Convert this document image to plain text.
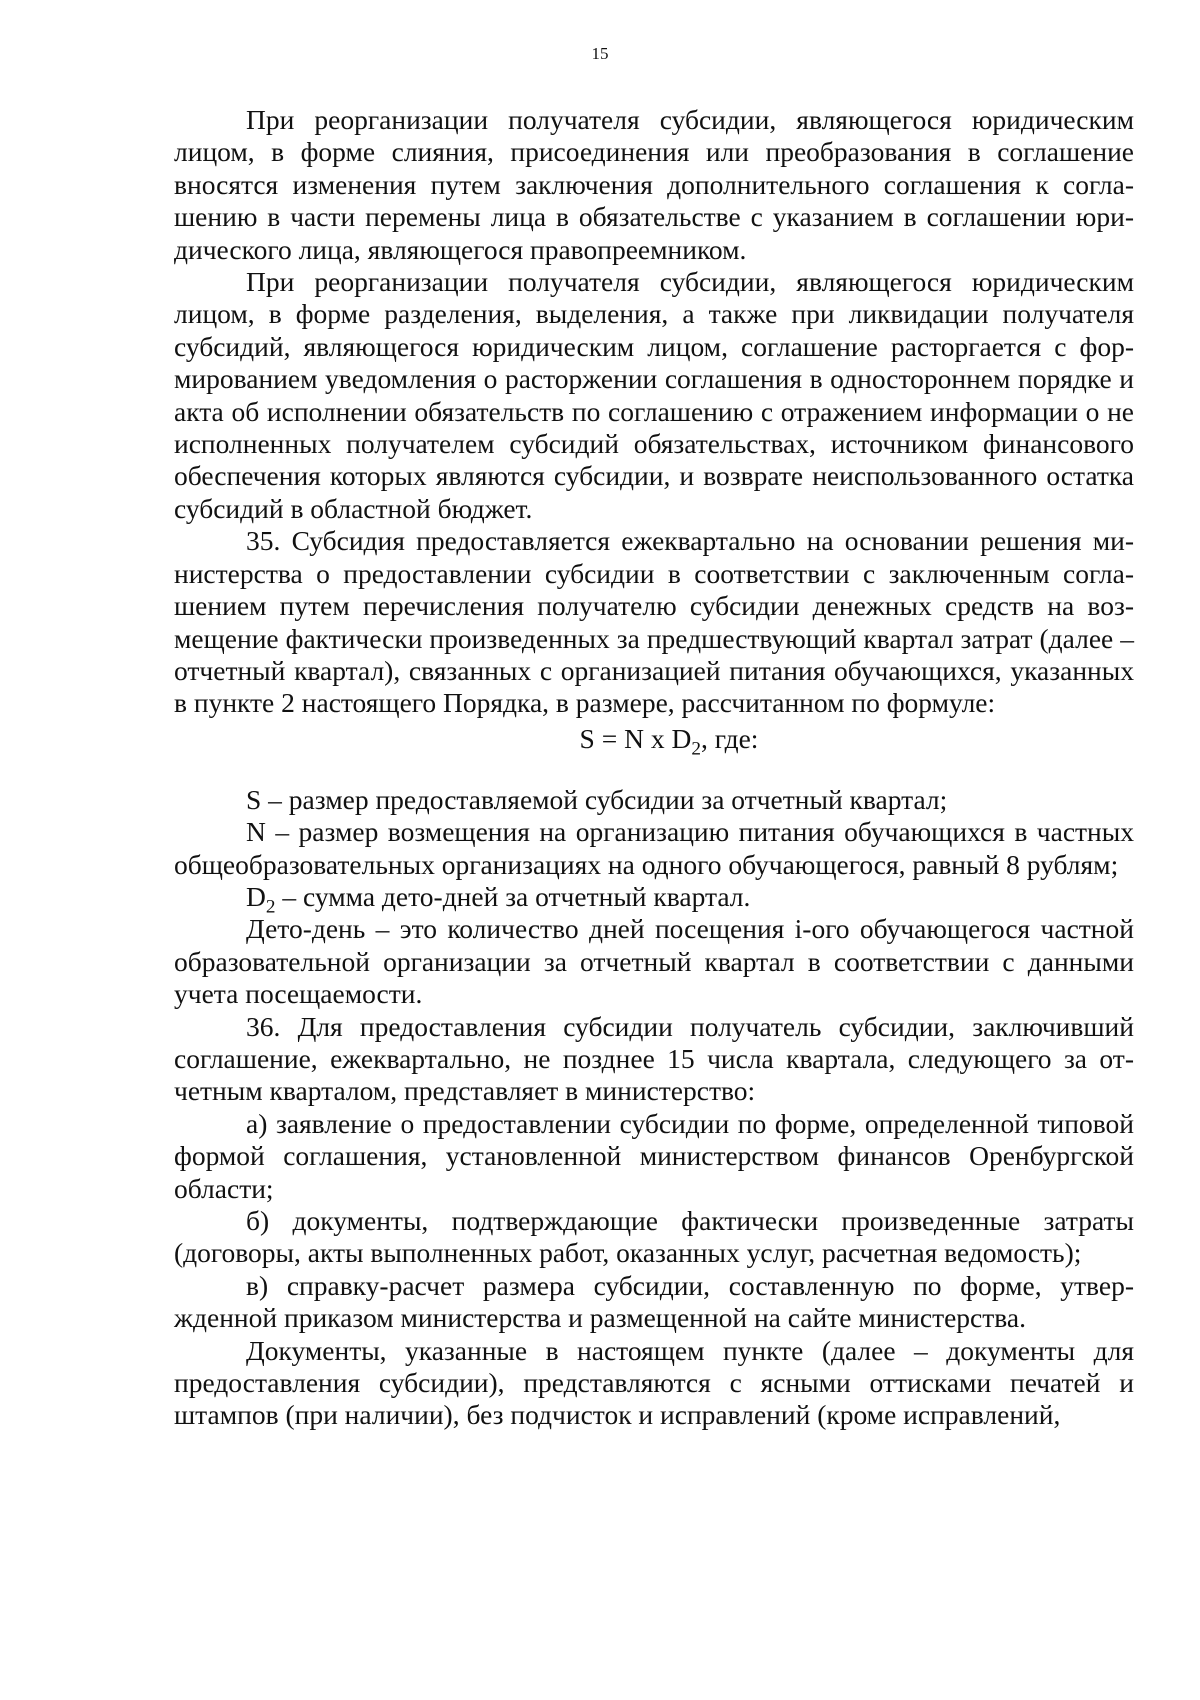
15

При реорганизации получателя субсидии, являющегося юридическим лицом, в форме слияния, присоединения или преобразования в соглашение вносятся изменения путем заключения дополнительного соглашения к соглашению в части перемены лица в обязательстве с указанием в соглашении юридического лица, являющегося правопреемником.

При реорганизации получателя субсидии, являющегося юридическим лицом, в форме разделения, выделения, а также при ликвидации получателя субсидий, являющегося юридическим лицом, соглашение расторгается с формированием уведомления о расторжении соглашения в одностороннем порядке и акта об исполнении обязательств по соглашению с отражением информации о не исполненных получателем субсидий обязательствах, источником финансового обеспечения которых являются субсидии, и возврате неиспользованного остатка субсидий в областной бюджет.

35. Субсидия предоставляется ежеквартально на основании решения министерства о предоставлении субсидии в соответствии с заключенным соглашением путем перечисления получателю субсидии денежных средств на возмещение фактически произведенных за предшествующий квартал затрат (далее – отчетный квартал), связанных с организацией питания обучающихся, указанных в пункте 2 настоящего Порядка, в размере, рассчитанном по формуле:

S = N x $D_2$, где:

S – размер предоставляемой субсидии за отчетный квартал;

N – размер возмещения на организацию питания обучающихся в частных общеобразовательных организациях на одного обучающегося, равный 8 рублям;

$D_2$ – сумма дето-дней за отчетный квартал.

Дето-день – это количество дней посещения i-ого обучающегося частной образовательной организации за отчетный квартал в соответствии с данными учета посещаемости.

36. Для предоставления субсидии получатель субсидии, заключивший соглашение, ежеквартально, не позднее 15 числа квартала, следующего за отчетным кварталом, представляет в министерство:

а) заявление о предоставлении субсидии по форме, определенной типовой формой соглашения, установленной министерством финансов Оренбургской области;

б) документы, подтверждающие фактически произведенные затраты (договоры, акты выполненных работ, оказанных услуг, расчетная ведомость);

в) справку-расчет размера субсидии, составленную по форме, утвержденной приказом министерства и размещенной на сайте министерства.

Документы, указанные в настоящем пункте (далее – документы для предоставления субсидии), представляются с ясными оттисками печатей и штампов (при наличии), без подчисток и исправлений (кроме исправлений,
